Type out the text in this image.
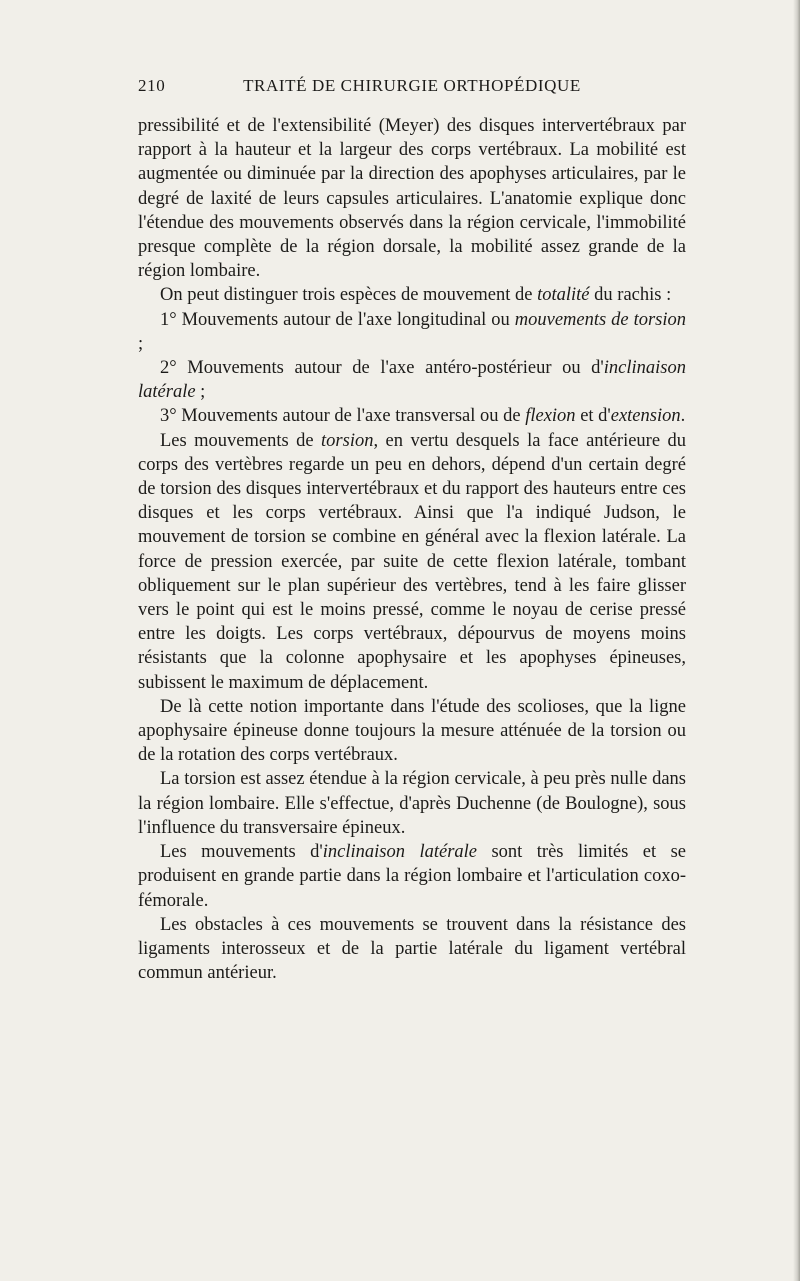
210	TRAITÉ DE CHIRURGIE ORTHOPÉDIQUE

pressibilité et de l'extensibilité (Meyer) des disques intervertébraux par rapport à la hauteur et la largeur des corps vertébraux. La mobilité est augmentée ou diminuée par la direction des apophyses articulaires, par le degré de laxité de leurs capsules articulaires. L'anatomie explique donc l'étendue des mouvements observés dans la région cervicale, l'immobilité presque complète de la région dorsale, la mobilité assez grande de la région lombaire.

On peut distinguer trois espèces de mouvement de totalité du rachis :

1° Mouvements autour de l'axe longitudinal ou mouvements de torsion ;

2° Mouvements autour de l'axe antéro-postérieur ou d'inclinaison latérale ;

3° Mouvements autour de l'axe transversal ou de flexion et d'extension.

Les mouvements de torsion, en vertu desquels la face antérieure du corps des vertèbres regarde un peu en dehors, dépend d'un certain degré de torsion des disques intervertébraux et du rapport des hauteurs entre ces disques et les corps vertébraux. Ainsi que l'a indiqué Judson, le mouvement de torsion se combine en général avec la flexion latérale. La force de pression exercée, par suite de cette flexion latérale, tombant obliquement sur le plan supérieur des vertèbres, tend à les faire glisser vers le point qui est le moins pressé, comme le noyau de cerise pressé entre les doigts. Les corps vertébraux, dépourvus de moyens moins résistants que la colonne apophysaire et les apophyses épineuses, subissent le maximum de déplacement.

De là cette notion importante dans l'étude des scolioses, que la ligne apophysaire épineuse donne toujours la mesure atténuée de la torsion ou de la rotation des corps vertébraux.

La torsion est assez étendue à la région cervicale, à peu près nulle dans la région lombaire. Elle s'effectue, d'après Duchenne (de Boulogne), sous l'influence du transversaire épineux.

Les mouvements d'inclinaison latérale sont très limités et se produisent en grande partie dans la région lombaire et l'articulation coxo-fémorale.

Les obstacles à ces mouvements se trouvent dans la résistance des ligaments interosseux et de la partie latérale du ligament vertébral commun antérieur.
